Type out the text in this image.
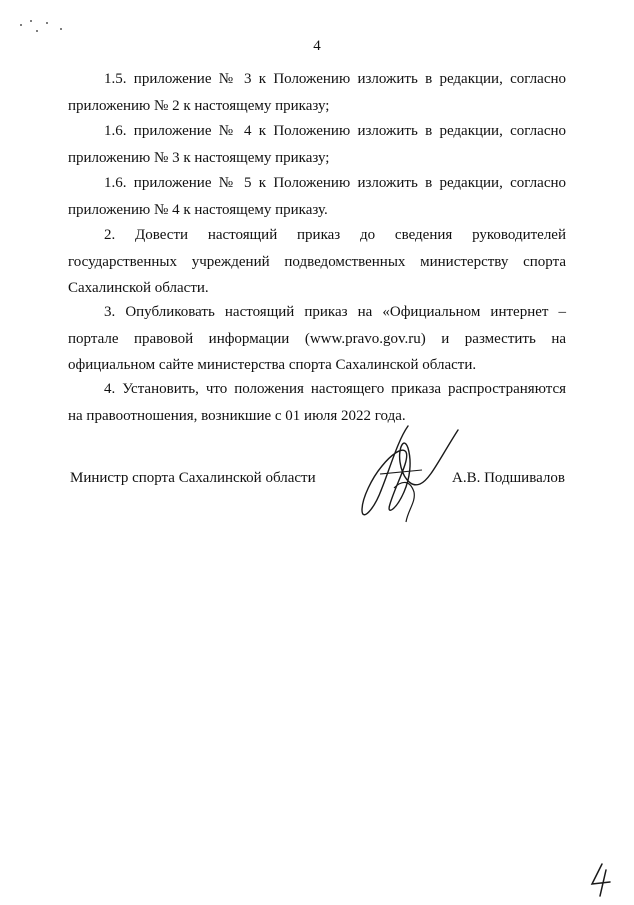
4

1.5. приложение № 3 к Положению изложить в редакции, согласно
приложению № 2 к настоящему приказу;

1.6. приложение № 4 к Положению изложить в редакции, согласно
приложению № 3 к настоящему приказу;

1.6. приложение № 5 к Положению изложить в редакции, согласно
приложению № 4 к настоящему приказу.

2. Довести настоящий приказ до сведения руководителей
государственных учреждений подведомственных министерству спорта
Сахалинской области.

3. Опубликовать настоящий приказ на «Официальном интернет –
портале правовой информации (www.pravo.gov.ru) и разместить на
официальном сайте министерства спорта Сахалинской области.

4. Установить, что положения настоящего приказа распространяются
на правоотношения, возникшие с 01 июля 2022 года.

Министр спорта Сахалинской области	А.В. Подшивалов
